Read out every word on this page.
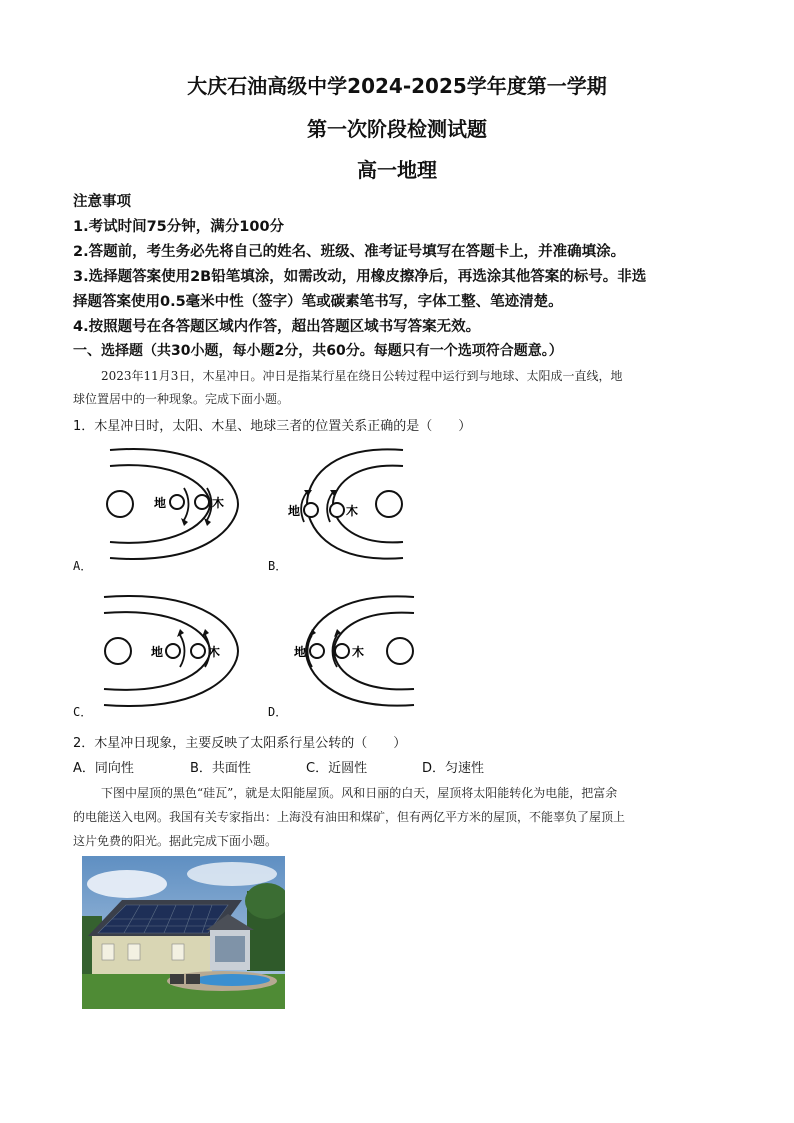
大庆石油高级中学2024-2025学年度第一学期
第一次阶段检测试题
高一地理
注意事项
1.考试时间75分钟，满分100分
2.答题前，考生务必先将自己的姓名、班级、准考证号填写在答题卡上，并准确填涂。
3.选择题答案使用2B铅笔填涂，如需改动，用橡皮擦净后，再选涂其他答案的标号。非选
择题答案使用0.5毫米中性（签字）笔或碳素笔书写，字体工整、笔迹清楚。
4.按照题号在各答题区域内作答，超出答题区域书写答案无效。
一、选择题（共30小题，每小题2分，共60分。每题只有一个选项符合题意。）
2023年11月3日，木星冲日。冲日是指某行星在绕日公转过程中运行到与地球、太阳成一直线，地
球位置居中的一种现象。完成下面小题。
1．木星冲日时，太阳、木星、地球三者的位置关系正确的是（　　）
地	木
A．
地	木
B．
地	木
C．
地	木
D．
2．木星冲日现象，主要反映了太阳系行星公转的（　　）
A．同向性	B．共面性	C．近圆性	D．匀速性
下图中屋顶的黑色“硅瓦”，就是太阳能屋顶。风和日丽的白天，屋顶将太阳能转化为电能，把富余
的电能送入电网。我国有关专家指出：上海没有油田和煤矿，但有两亿平方米的屋顶，不能辜负了屋顶上
这片免费的阳光。据此完成下面小题。
